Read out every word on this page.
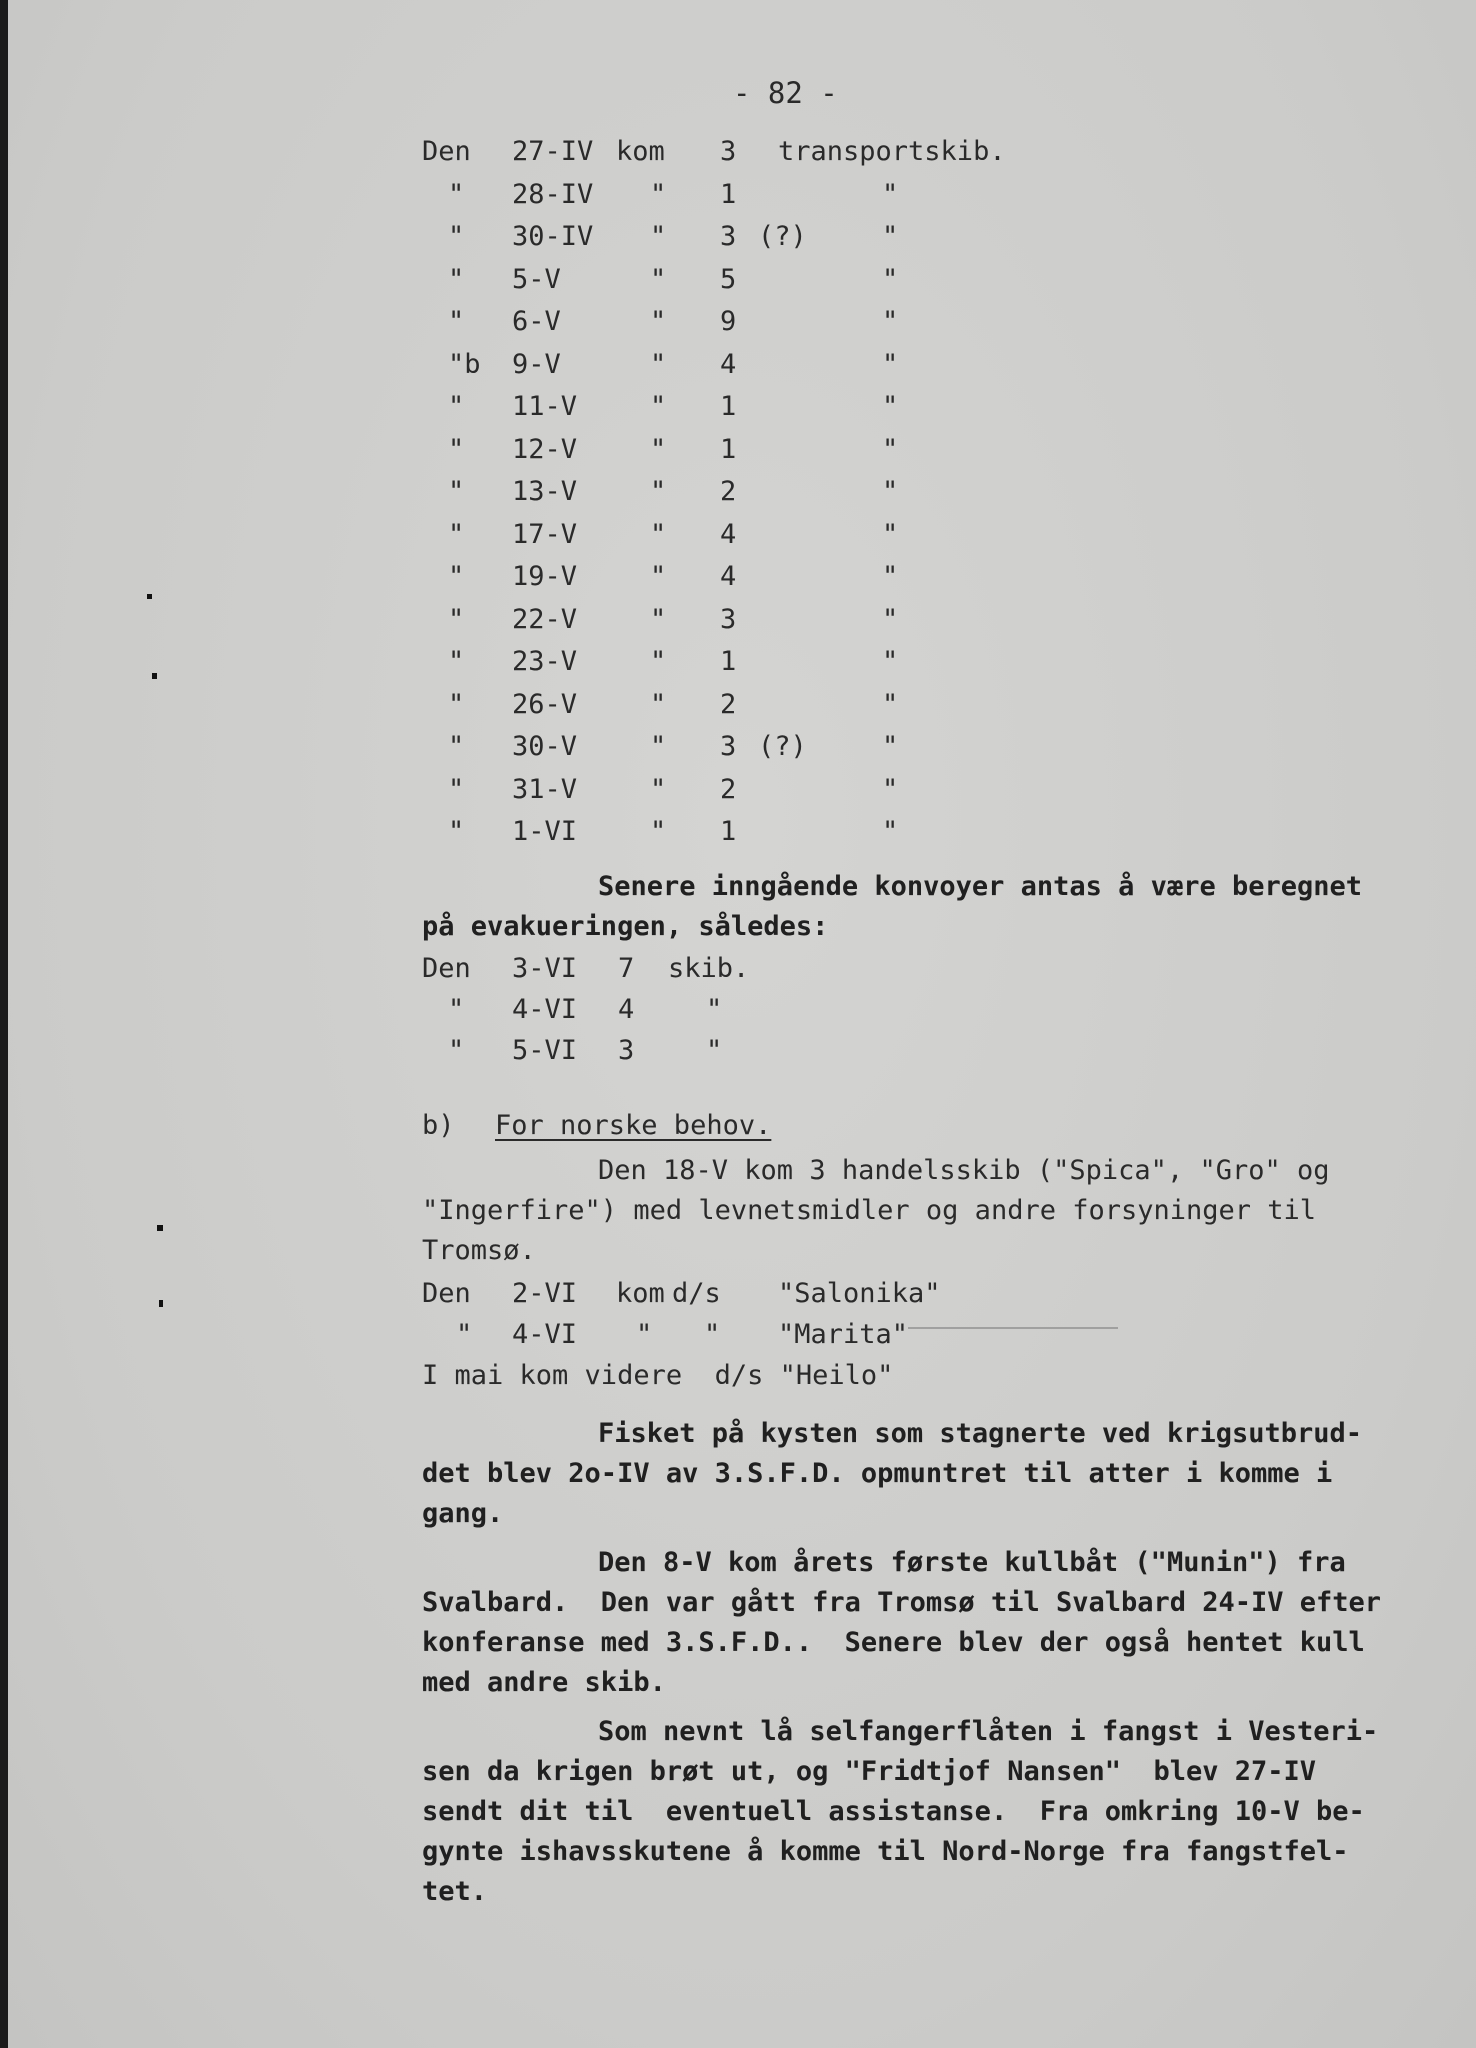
- 82 -
Den 27-IV kom 3 transportskib.
" 28-IV " 1	"
" 30-IV " 3 (?)	"
" 5-V	" 5	"
" 6-V	" 9	"
"b 9-V	" 4	"
" 11-V	" 1	"
" 12-V	" 1	"
" 13-V	" 2	"
" 17-V	" 4	"
" 19-V	" 4	"
" 22-V	" 3	"
" 23-V	" 1	"
" 26-V	" 2	"
" 30-V	" 3 (?)	"
" 31-V	" 2	"
" 1-VI	" 1	"
Senere inngående konvoyer antas å være beregnet
på evakueringen, således:
Den 3-VI 7 skib.
" 4-VI 4	"
" 5-VI 3	"
b) For norske behov.
Den 18-V kom 3 handelsskib ("Spica", "Gro" og
"Ingerfire") med levnetsmidler og andre forsyninger til
Tromsø.
Den 2-VI kom d/s "Salonika"
" 4-VI " " "Marita"
I mai kom videre  d/s "Heilo"
Fisket på kysten som stagnerte ved krigsutbrud-
det blev 2o-IV av 3.S.F.D. opmuntret til atter i komme i
gang.
Den 8-V kom årets første kullbåt ("Munin") fra
Svalbard.  Den var gått fra Tromsø til Svalbard 24-IV efter
konferanse med 3.S.F.D..  Senere blev der også hentet kull
med andre skib.
Som nevnt lå selfangerflåten i fangst i Vesteri-
sen da krigen brøt ut, og "Fridtjof Nansen"  blev 27-IV
sendt dit til  eventuell assistanse.  Fra omkring 10-V be-
gynte ishavsskutene å komme til Nord-Norge fra fangstfel-
tet.
